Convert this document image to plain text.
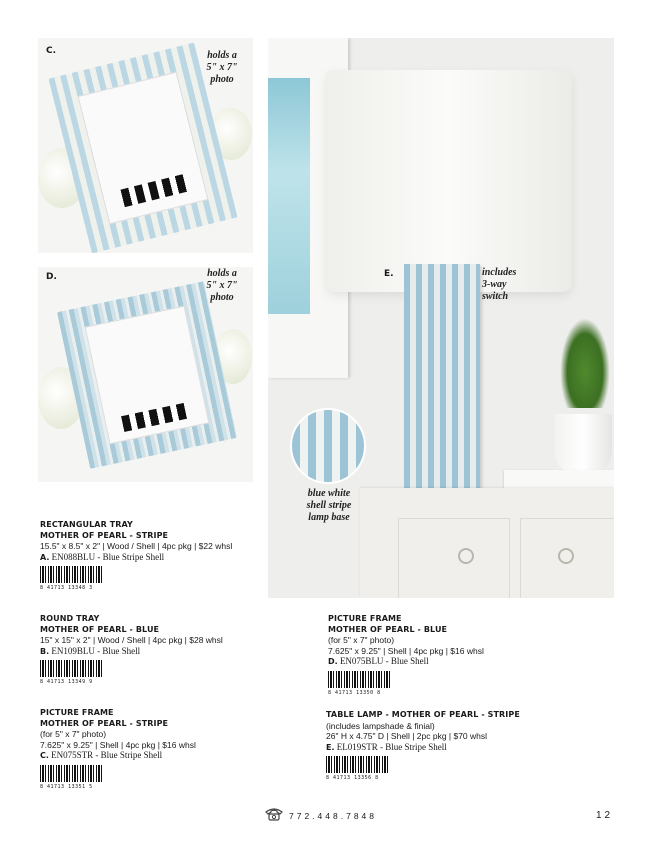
C.	holds a
5" x 7"
photo
D.	holds a
5" x 7"
photo
E.	includes
3-way
switch
blue white
shell stripe
lamp base
RECTANGULAR TRAY
MOTHER OF PEARL - STRIPE
15.5" x 8.5" x 2" | Wood / Shell | 4pc pkg | $22 whsl
A. EN088BLU - Blue Stripe Shell
8 41713 13348 3
ROUND TRAY
MOTHER OF PEARL - BLUE
15" x 15" x 2" | Wood / Shell | 4pc pkg | $28 whsl
B. EN109BLU - Blue Shell
8 41713 13349 9
PICTURE FRAME
MOTHER OF PEARL - STRIPE
(for 5" x 7" photo)
7.625" x 9.25" | Shell | 4pc pkg | $16 whsl
C. EN075STR - Blue Stripe Shell
8 41713 13351 5
PICTURE FRAME
MOTHER OF PEARL - BLUE
(for 5" x 7" photo)
7.625" x 9.25" | Shell | 4pc pkg | $16 whsl
D. EN075BLU - Blue Shell
8 41713 13350 8
TABLE LAMP - MOTHER OF PEARL - STRIPE
(includes lampshade & finial)
26" H x 4.75" D | Shell | 2pc pkg | $70 whsl
E. EL019STR - Blue Stripe Shell
8 41713 13356 8
772.448.7848	12
